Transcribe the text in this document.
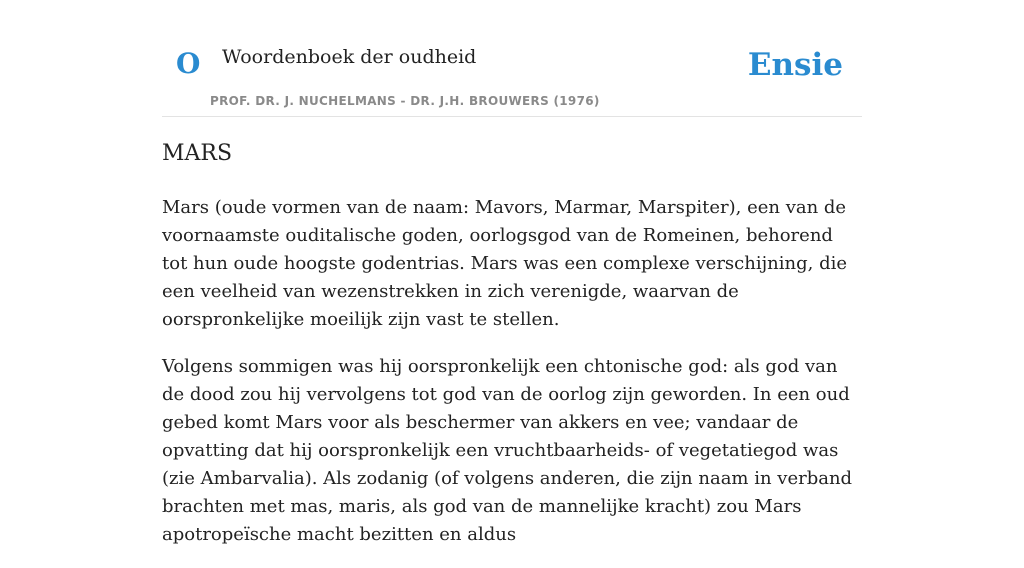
O Woordenboek der oudheid
PROF. DR. J. NUCHELMANS - DR. J.H. BROUWERS (1976)
Ensie
MARS

Mars (oude vormen van de naam: Mavors, Marmar, Marspiter), een van de voornaamste ouditalische goden, oorlogsgod van de Romeinen, behorend tot hun oude hoogste godentrias. Mars was een complexe verschijning, die een veelheid van wezenstrekken in zich verenigde, waarvan de oorspronkelijke moeilijk zijn vast te stellen.

Volgens sommigen was hij oorspronkelijk een chtonische god: als god van de dood zou hij vervolgens tot god van de oorlog zijn geworden. In een oud gebed komt Mars voor als beschermer van akkers en vee; vandaar de opvatting dat hij oorspronkelijk een vruchtbaarheids- of vegetatiegod was (zie Ambarvalia). Als zodanig (of volgens anderen, die zijn naam in verband brachten met mas, maris, als god van de mannelijke kracht) zou Mars apotropeïsche macht bezitten en aldus
